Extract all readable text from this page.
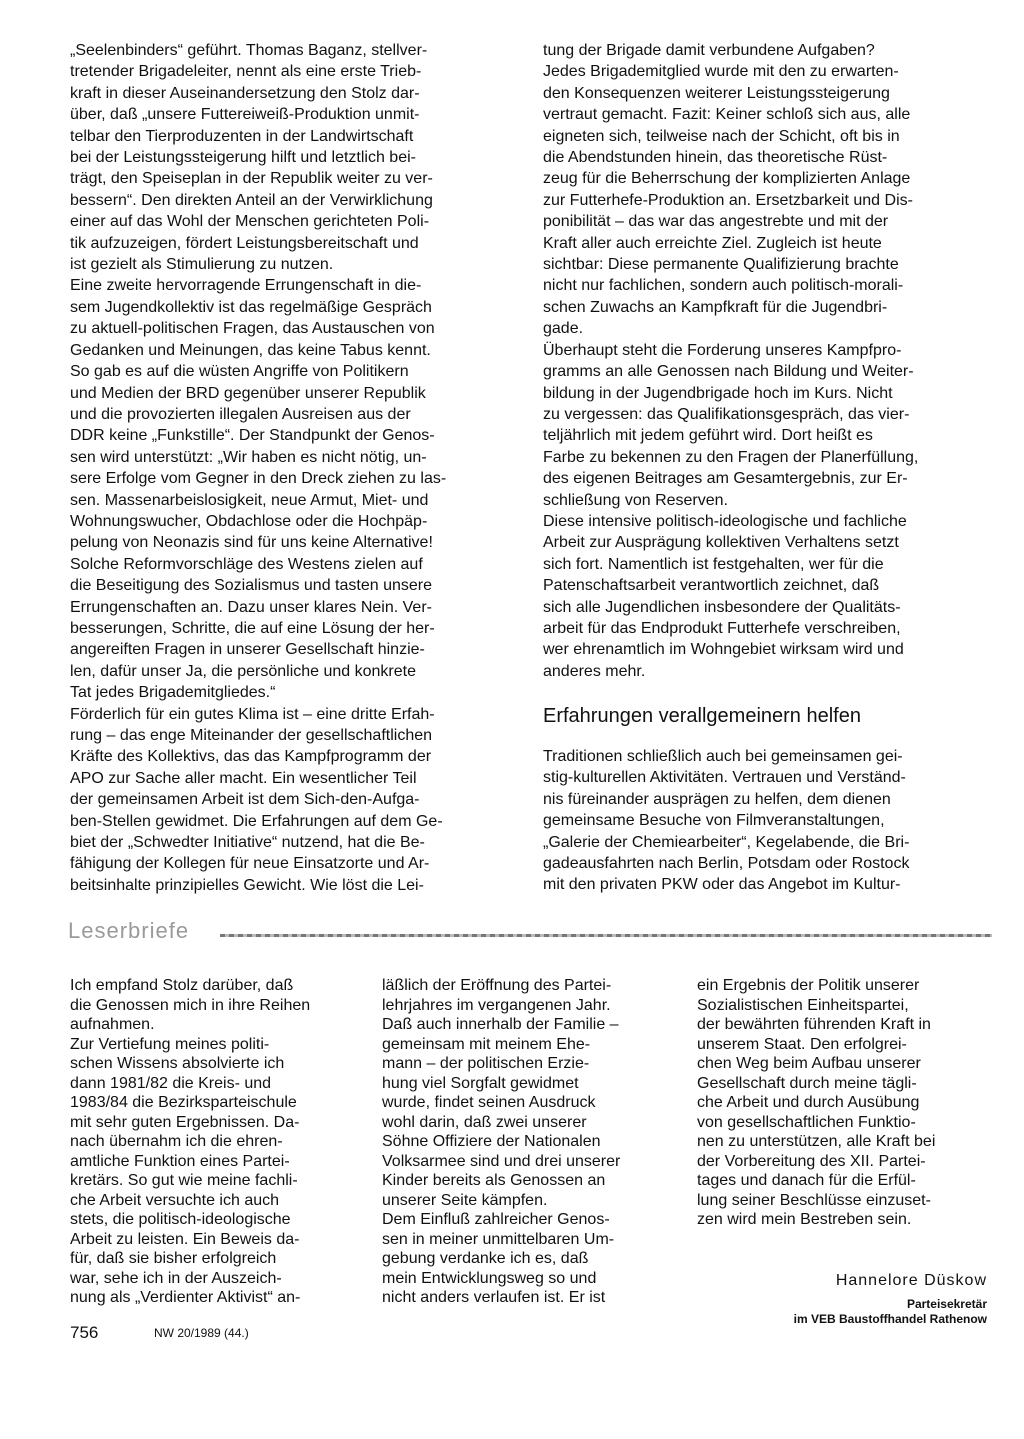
„Seelenbinders“ geführt. Thomas Baganz, stellver-
tretender Brigadeleiter, nennt als eine erste Trieb-
kraft in dieser Auseinandersetzung den Stolz dar-
über, daß „unsere Futtereiweiß-Produktion unmit-
telbar den Tierproduzenten in der Landwirtschaft
bei der Leistungssteigerung hilft und letztlich bei-
trägt, den Speiseplan in der Republik weiter zu ver-
bessern“. Den direkten Anteil an der Verwirklichung
einer auf das Wohl der Menschen gerichteten Poli-
tik aufzuzeigen, fördert Leistungsbereitschaft und
ist gezielt als Stimulierung zu nutzen.
Eine zweite hervorragende Errungenschaft in die-
sem Jugendkollektiv ist das regelmäßige Gespräch
zu aktuell-politischen Fragen, das Austauschen von
Gedanken und Meinungen, das keine Tabus kennt.
So gab es auf die wüsten Angriffe von Politikern
und Medien der BRD gegenüber unserer Republik
und die provozierten illegalen Ausreisen aus der
DDR keine „Funkstille“. Der Standpunkt der Genos-
sen wird unterstützt: „Wir haben es nicht nötig, un-
sere Erfolge vom Gegner in den Dreck ziehen zu las-
sen. Massenarbeislosigkeit, neue Armut, Miet- und
Wohnungswucher, Obdachlose oder die Hochpäp-
pelung von Neonazis sind für uns keine Alternative!
Solche Reformvorschläge des Westens zielen auf
die Beseitigung des Sozialismus und tasten unsere
Errungenschaften an. Dazu unser klares Nein. Ver-
besserungen, Schritte, die auf eine Lösung der her-
angereiften Fragen in unserer Gesellschaft hinzie-
len, dafür unser Ja, die persönliche und konkrete
Tat jedes Brigademitgliedes.“
Förderlich für ein gutes Klima ist – eine dritte Erfah-
rung – das enge Miteinander der gesellschaftlichen
Kräfte des Kollektivs, das das Kampfprogramm der
APO zur Sache aller macht. Ein wesentlicher Teil
der gemeinsamen Arbeit ist dem Sich-den-Aufga-
ben-Stellen gewidmet. Die Erfahrungen auf dem Ge-
biet der „Schwedter Initiative“ nutzend, hat die Be-
fähigung der Kollegen für neue Einsatzorte und Ar-
beitsinhalte prinzipielles Gewicht. Wie löst die Lei-
tung der Brigade damit verbundene Aufgaben?
Jedes Brigademitglied wurde mit den zu erwarten-
den Konsequenzen weiterer Leistungssteigerung
vertraut gemacht. Fazit: Keiner schloß sich aus, alle
eigneten sich, teilweise nach der Schicht, oft bis in
die Abendstunden hinein, das theoretische Rüst-
zeug für die Beherrschung der komplizierten Anlage
zur Futterhefe-Produktion an. Ersetzbarkeit und Dis-
ponibilität – das war das angestrebte und mit der
Kraft aller auch erreichte Ziel. Zugleich ist heute
sichtbar: Diese permanente Qualifizierung brachte
nicht nur fachlichen, sondern auch politisch-morali-
schen Zuwachs an Kampfkraft für die Jugendbri-
gade.
Überhaupt steht die Forderung unseres Kampfpro-
gramms an alle Genossen nach Bildung und Weiter-
bildung in der Jugendbrigade hoch im Kurs. Nicht
zu vergessen: das Qualifikationsgespräch, das vier-
teljährlich mit jedem geführt wird. Dort heißt es
Farbe zu bekennen zu den Fragen der Planerfüllung,
des eigenen Beitrages am Gesamtergebnis, zur Er-
schließung von Reserven.
Diese intensive politisch-ideologische und fachliche
Arbeit zur Ausprägung kollektiven Verhaltens setzt
sich fort. Namentlich ist festgehalten, wer für die
Patenschaftsarbeit verantwortlich zeichnet, daß
sich alle Jugendlichen insbesondere der Qualitäts-
arbeit für das Endprodukt Futterhefe verschreiben,
wer ehrenamtlich im Wohngebiet wirksam wird und
anderes mehr.
Erfahrungen verallgemeinern helfen
Traditionen schließlich auch bei gemeinsamen gei-
stig-kulturellen Aktivitäten. Vertrauen und Verständ-
nis füreinander ausprägen zu helfen, dem dienen
gemeinsame Besuche von Filmveranstaltungen,
„Galerie der Chemiearbeiter“, Kegelabende, die Bri-
gadeausfahrten nach Berlin, Potsdam oder Rostock
mit den privaten PKW oder das Angebot im Kultur-
Leserbriefe
Ich empfand Stolz darüber, daß
die Genossen mich in ihre Reihen
aufnahmen.
Zur Vertiefung meines politi-
schen Wissens absolvierte ich
dann 1981/82 die Kreis- und
1983/84 die Bezirksparteischule
mit sehr guten Ergebnissen. Da-
nach übernahm ich die ehren-
amtliche Funktion eines Partei-
kretärs. So gut wie meine fachli-
che Arbeit versuchte ich auch
stets, die politisch-ideologische
Arbeit zu leisten. Ein Beweis da-
für, daß sie bisher erfolgreich
war, sehe ich in der Auszeich-
nung als „Verdienter Aktivist“ an-
läßlich der Eröffnung des Partei-
lehrjahres im vergangenen Jahr.
Daß auch innerhalb der Familie –
gemeinsam mit meinem Ehe-
mann – der politischen Erzie-
hung viel Sorgfalt gewidmet
wurde, findet seinen Ausdruck
wohl darin, daß zwei unserer
Söhne Offiziere der Nationalen
Volksarmee sind und drei unserer
Kinder bereits als Genossen an
unserer Seite kämpfen.
Dem Einfluß zahlreicher Genos-
sen in meiner unmittelbaren Um-
gebung verdanke ich es, daß
mein Entwicklungsweg so und
nicht anders verlaufen ist. Er ist
ein Ergebnis der Politik unserer
Sozialistischen Einheitspartei,
der bewährten führenden Kraft in
unserem Staat. Den erfolgrei-
chen Weg beim Aufbau unserer
Gesellschaft durch meine tägli-
che Arbeit und durch Ausübung
von gesellschaftlichen Funktio-
nen zu unterstützen, alle Kraft bei
der Vorbereitung des XII. Partei-
tages und danach für die Erfül-
lung seiner Beschlüsse einzuset-
zen wird mein Bestreben sein.
Hannelore Düskow
Parteisekretär
im VEB Baustoffhandel Rathenow
756	NW 20/1989 (44.)
